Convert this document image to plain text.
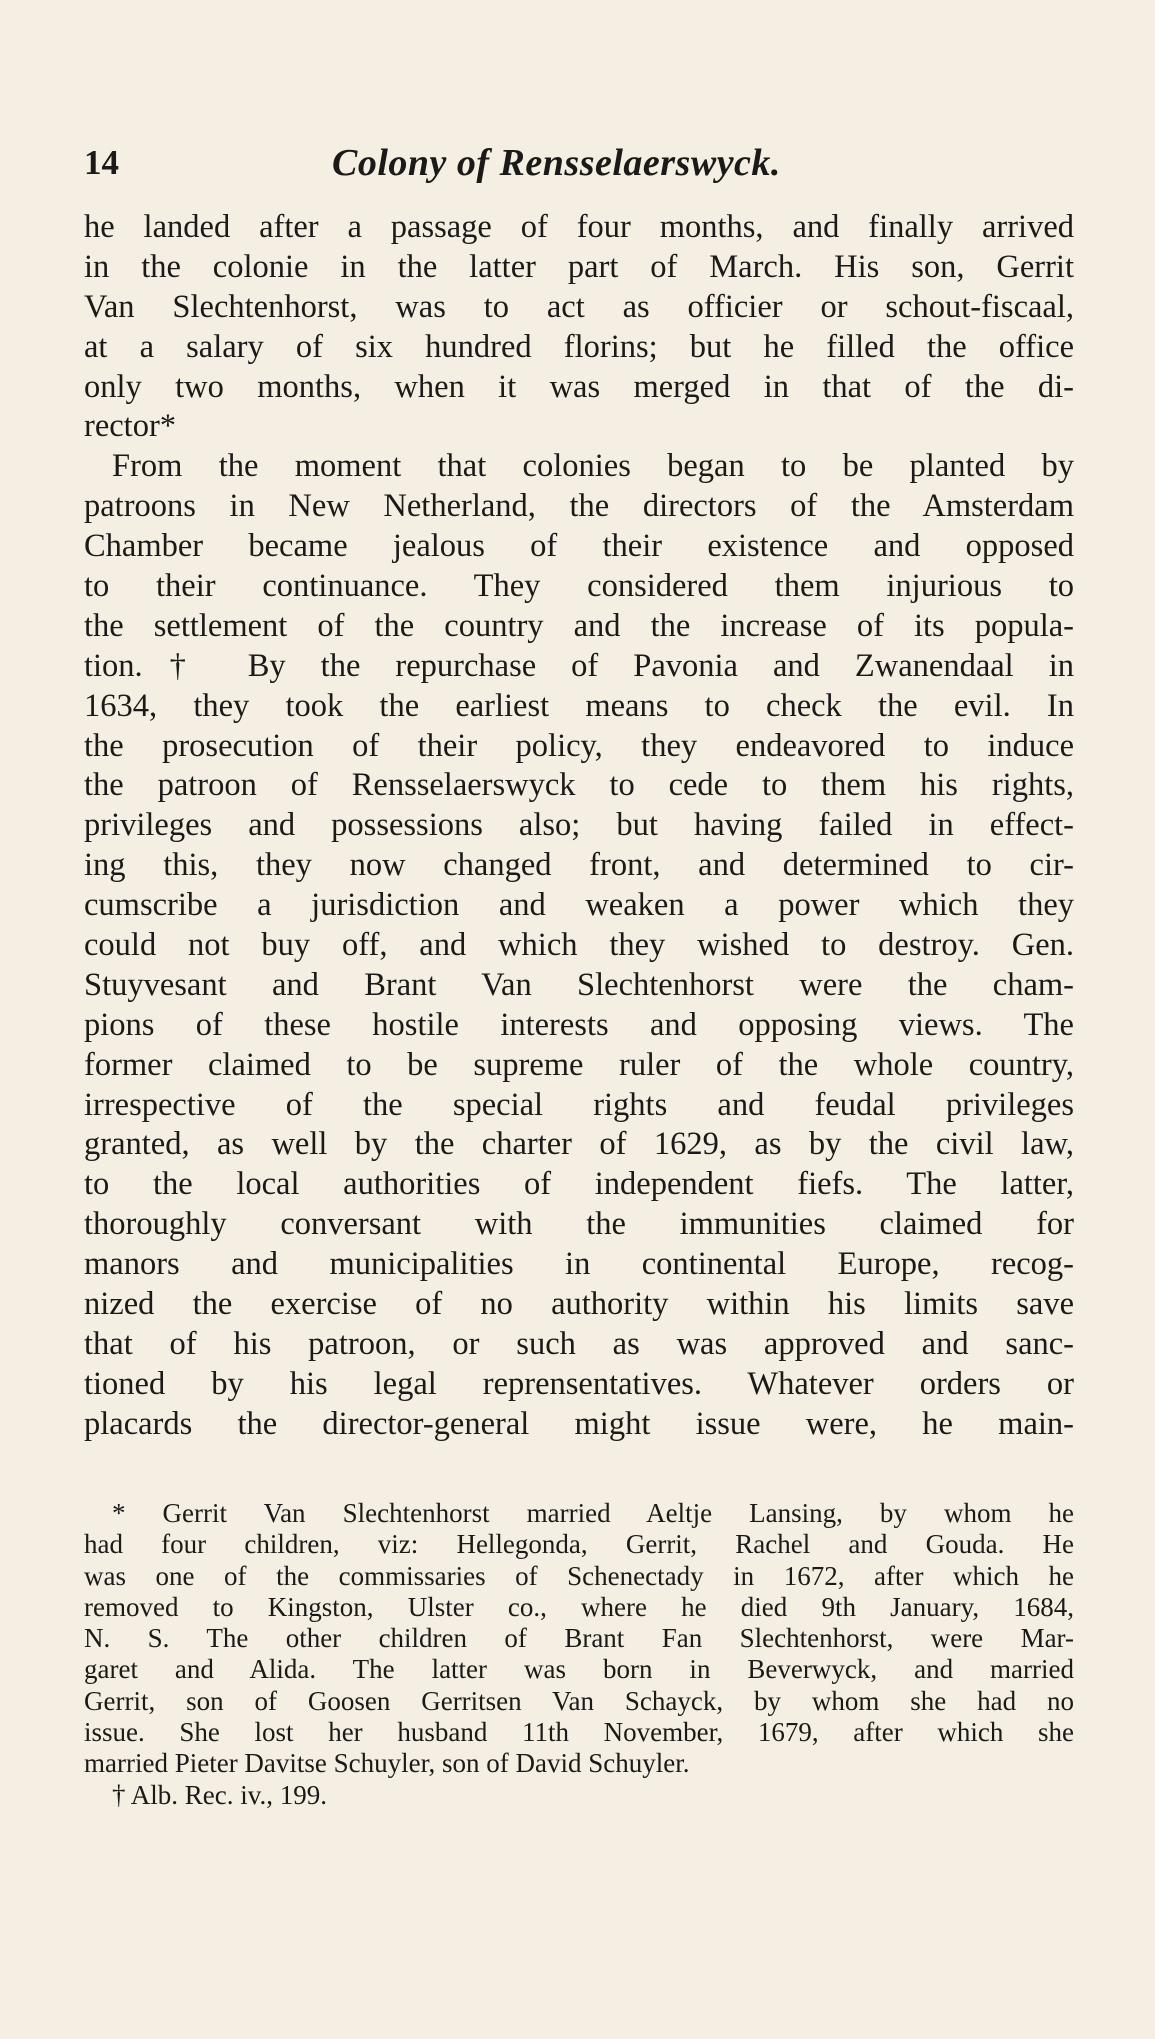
14	Colony of Rensselaerswyck.
he landed after a passage of four months, and finally arrived
in the colonie in the latter part of March. His son, Gerrit
Van Slechtenhorst, was to act as officier or schout-fiscaal,
at a salary of six hundred florins; but he filled the office
only two months, when it was merged in that of the di-
rector*
From the moment that colonies began to be planted by
patroons in New Netherland, the directors of the Amsterdam
Chamber became jealous of their existence and opposed
to their continuance. They considered them injurious to
the settlement of the country and the increase of its popula-
tion.† By the repurchase of Pavonia and Zwanendaal in
1634, they took the earliest means to check the evil. In
the prosecution of their policy, they endeavored to induce
the patroon of Rensselaerswyck to cede to them his rights,
privileges and possessions also; but having failed in effect-
ing this, they now changed front, and determined to cir-
cumscribe a jurisdiction and weaken a power which they
could not buy off, and which they wished to destroy. Gen.
Stuyvesant and Brant Van Slechtenhorst were the cham-
pions of these hostile interests and opposing views. The
former claimed to be supreme ruler of the whole country,
irrespective of the special rights and feudal privileges
granted, as well by the charter of 1629, as by the civil law,
to the local authorities of independent fiefs. The latter,
thoroughly conversant with the immunities claimed for
manors and municipalities in continental Europe, recog-
nized the exercise of no authority within his limits save
that of his patroon, or such as was approved and sanc-
tioned by his legal reprensentatives. Whatever orders or
placards the director-general might issue were, he main-
* Gerrit Van Slechtenhorst married Aeltje Lansing, by whom he
had four children, viz: Hellegonda, Gerrit, Rachel and Gouda. He
was one of the commissaries of Schenectady in 1672, after which he
removed to Kingston, Ulster co., where he died 9th January, 1684,
N. S. The other children of Brant Fan Slechtenhorst, were Mar-
garet and Alida. The latter was born in Beverwyck, and married
Gerrit, son of Goosen Gerritsen Van Schayck, by whom she had no
issue. She lost her husband 11th November, 1679, after which she
married Pieter Davitse Schuyler, son of David Schuyler.
† Alb. Rec. iv., 199.
